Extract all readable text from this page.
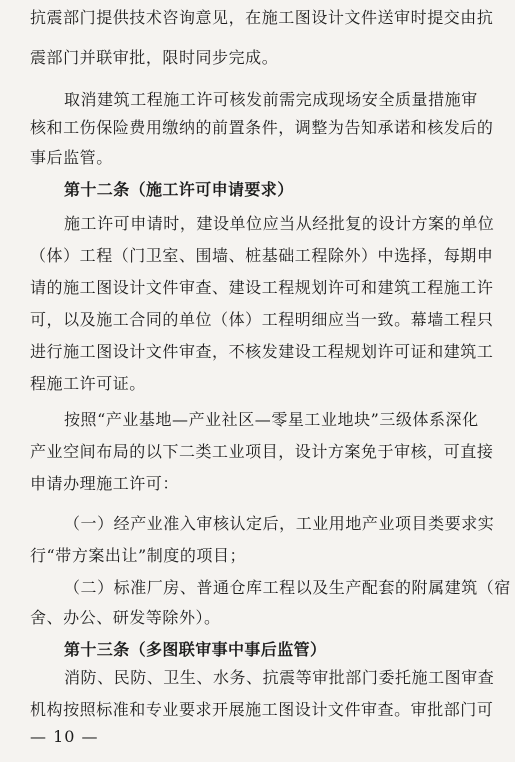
抗震部门提供技术咨询意见，在施工图设计文件送审时提交由抗
震部门并联审批，限时同步完成。
取消建筑工程施工许可核发前需完成现场安全质量措施审
核和工伤保险费用缴纳的前置条件，调整为告知承诺和核发后的
事后监管。
第十二条（施工许可申请要求）
施工许可申请时，建设单位应当从经批复的设计方案的单位
（体）工程（门卫室、围墙、桩基础工程除外）中选择，每期申
请的施工图设计文件审查、建设工程规划许可和建筑工程施工许
可，以及施工合同的单位（体）工程明细应当一致。幕墙工程只
进行施工图设计文件审查，不核发建设工程规划许可证和建筑工
程施工许可证。
按照“产业基地—产业社区—零星工业地块”三级体系深化
产业空间布局的以下二类工业项目，设计方案免于审核，可直接
申请办理施工许可：
（一）经产业准入审核认定后，工业用地产业项目类要求实
行“带方案出让”制度的项目；
（二）标准厂房、普通仓库工程以及生产配套的附属建筑（宿
舍、办公、研发等除外）。
第十三条（多图联审事中事后监管）
消防、民防、卫生、水务、抗震等审批部门委托施工图审查
机构按照标准和专业要求开展施工图设计文件审查。审批部门可
— 10 —
